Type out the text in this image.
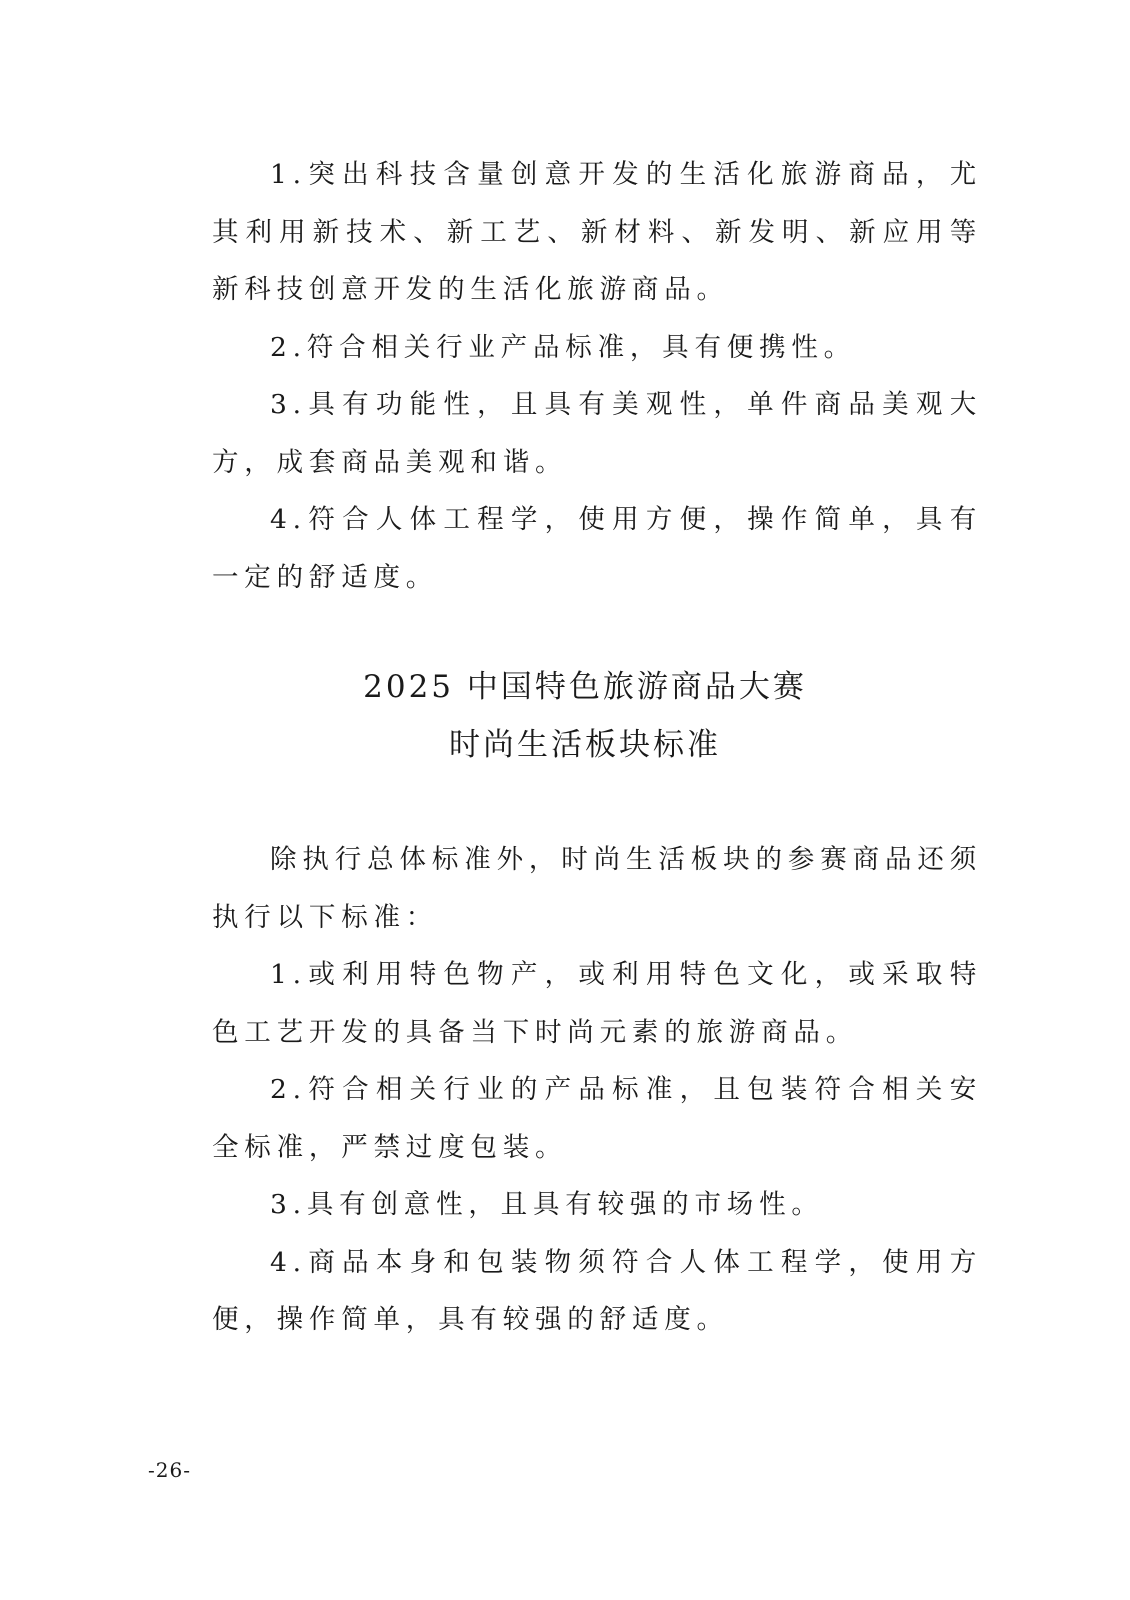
1.突出科技含量创意开发的生活化旅游商品，尤其利用新技术、新工艺、新材料、新发明、新应用等新科技创意开发的生活化旅游商品。

2.符合相关行业产品标准，具有便携性。

3.具有功能性，且具有美观性，单件商品美观大方，成套商品美观和谐。

4.符合人体工程学，使用方便，操作简单，具有一定的舒适度。

2025 中国特色旅游商品大赛
时尚生活板块标准

除执行总体标准外，时尚生活板块的参赛商品还须执行以下标准：

1.或利用特色物产，或利用特色文化，或采取特色工艺开发的具备当下时尚元素的旅游商品。

2.符合相关行业的产品标准，且包装符合相关安全标准，严禁过度包装。

3.具有创意性，且具有较强的市场性。

4.商品本身和包装物须符合人体工程学，使用方便，操作简单，具有较强的舒适度。

-26-
